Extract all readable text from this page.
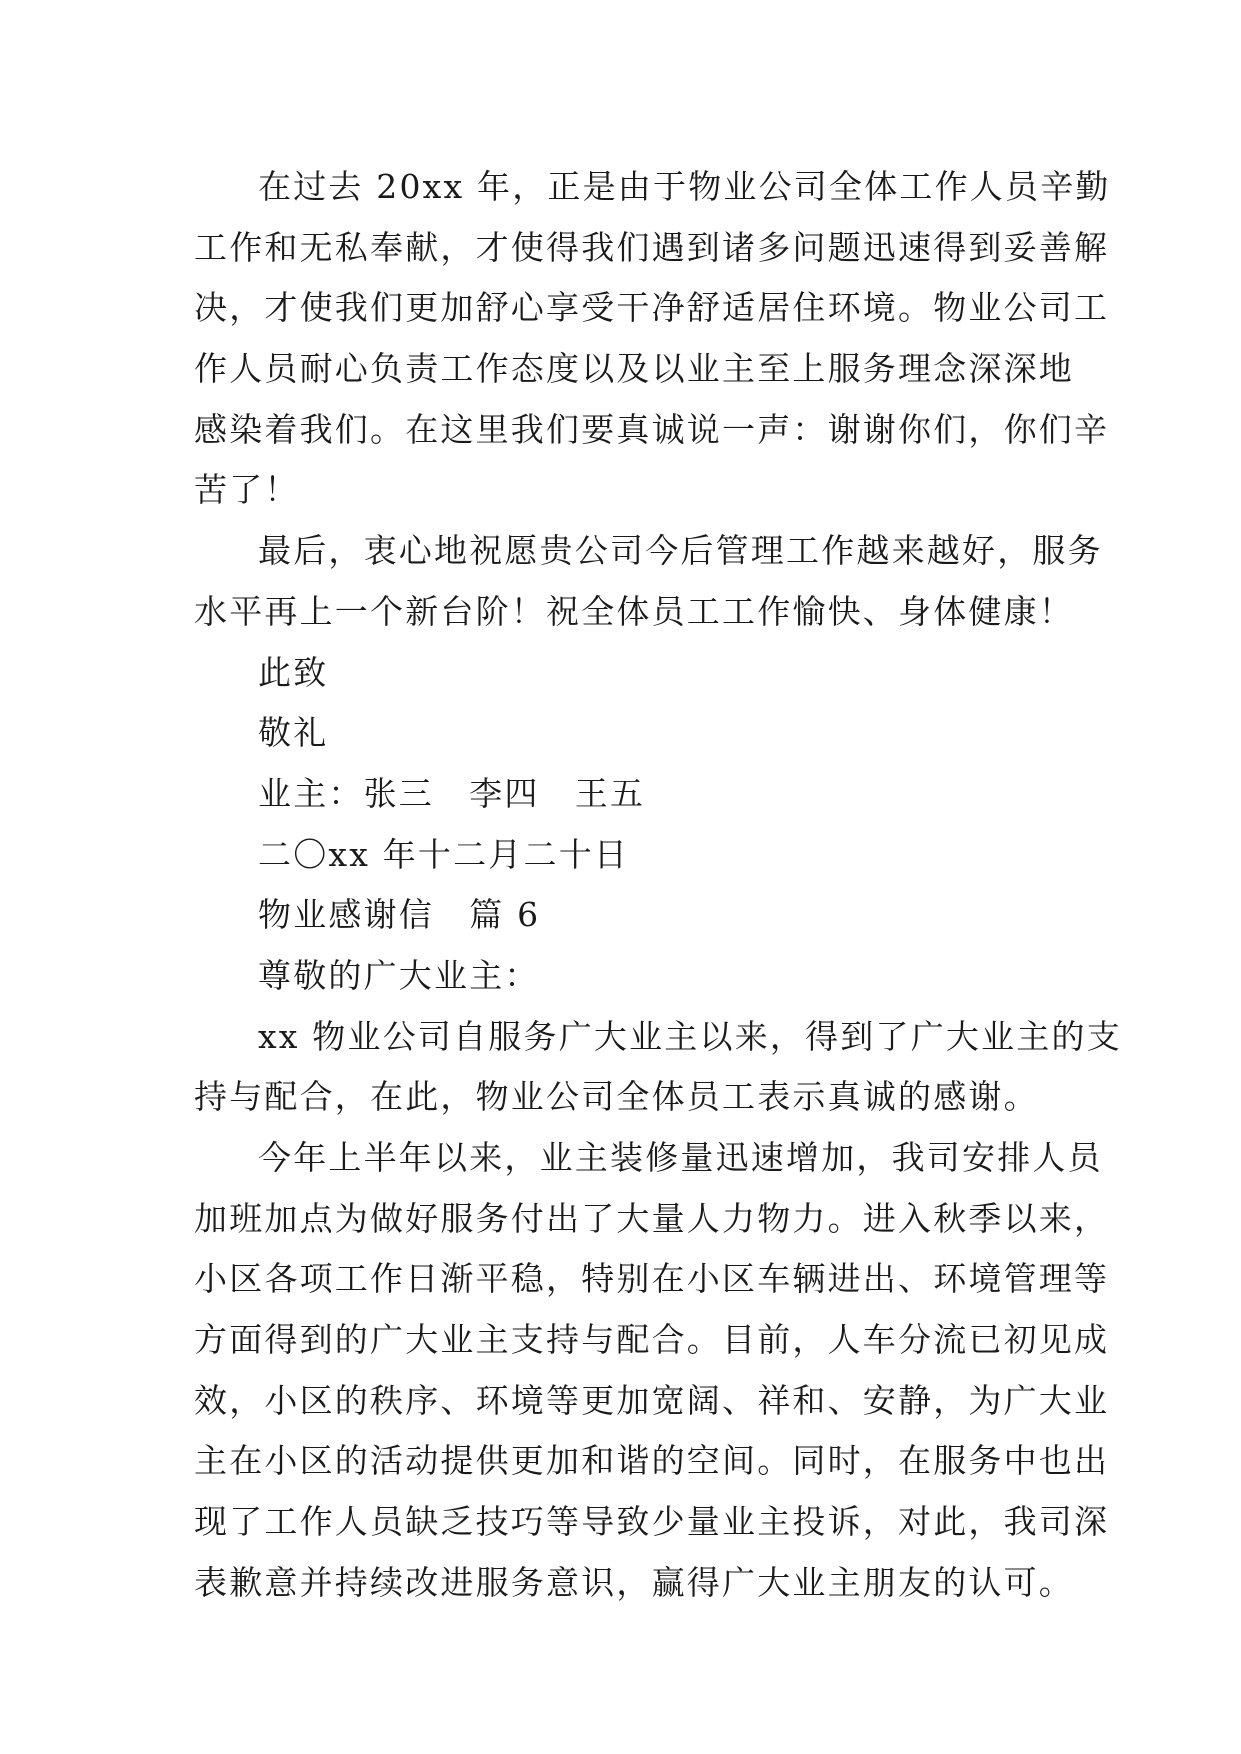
在过去 20xx 年，正是由于物业公司全体工作人员辛勤
工作和无私奉献，才使得我们遇到诸多问题迅速得到妥善解
决，才使我们更加舒心享受干净舒适居住环境。物业公司工
作人员耐心负责工作态度以及以业主至上服务理念深深地
感染着我们。在这里我们要真诚说一声：谢谢你们，你们辛
苦了！
最后，衷心地祝愿贵公司今后管理工作越来越好，服务
水平再上一个新台阶！祝全体员工工作愉快、身体健康！
此致
敬礼
业主：张三　李四　王五
二〇xx 年十二月二十日
物业感谢信　篇 6
尊敬的广大业主：
xx 物业公司自服务广大业主以来，得到了广大业主的支
持与配合，在此，物业公司全体员工表示真诚的感谢。
今年上半年以来，业主装修量迅速增加，我司安排人员
加班加点为做好服务付出了大量人力物力。进入秋季以来，
小区各项工作日渐平稳，特别在小区车辆进出、环境管理等
方面得到的广大业主支持与配合。目前，人车分流已初见成
效，小区的秩序、环境等更加宽阔、祥和、安静，为广大业
主在小区的活动提供更加和谐的空间。同时，在服务中也出
现了工作人员缺乏技巧等导致少量业主投诉，对此，我司深
表歉意并持续改进服务意识，赢得广大业主朋友的认可。
